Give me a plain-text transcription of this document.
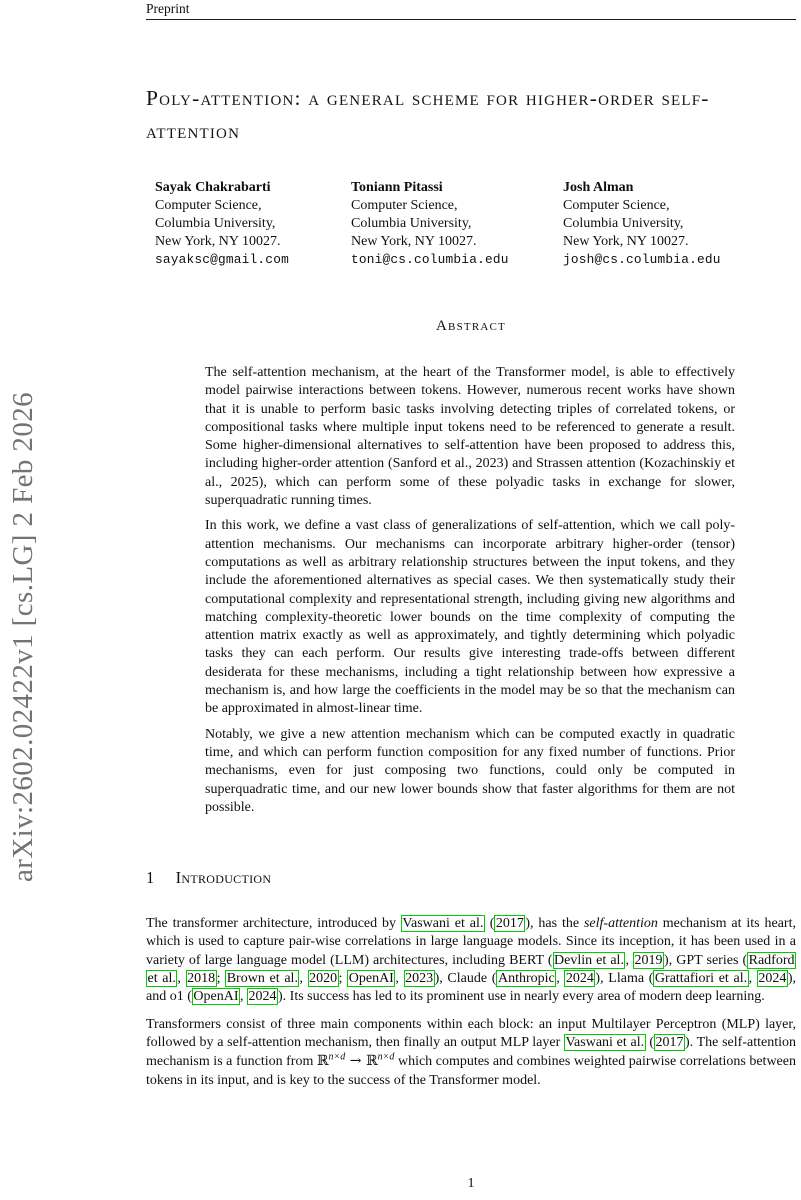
arXiv:2602.02422v1 [cs.LG] 2 Feb 2026
Preprint
Poly-attention: a general scheme for higher-order self-attention
Sayak Chakrabarti
Computer Science,
Columbia University,
New York, NY 10027.
sayaksc@gmail.com
Toniann Pitassi
Computer Science,
Columbia University,
New York, NY 10027.
toni@cs.columbia.edu
Josh Alman
Computer Science,
Columbia University,
New York, NY 10027.
josh@cs.columbia.edu
Abstract

The self-attention mechanism, at the heart of the Transformer model, is able to effectively model pairwise interactions between tokens. However, numerous recent works have shown that it is unable to perform basic tasks involving detecting triples of correlated tokens, or compositional tasks where multiple input tokens need to be referenced to generate a result. Some higher-dimensional alternatives to self-attention have been proposed to address this, including higher-order attention (Sanford et al., 2023) and Strassen attention (Kozachinskiy et al., 2025), which can perform some of these polyadic tasks in exchange for slower, superquadratic running times.

In this work, we define a vast class of generalizations of self-attention, which we call poly-attention mechanisms. Our mechanisms can incorporate arbitrary higher-order (tensor) computations as well as arbitrary relationship structures between the input tokens, and they include the aforementioned alternatives as special cases. We then systematically study their computational complexity and representational strength, including giving new algorithms and matching complexity-theoretic lower bounds on the time complexity of computing the attention matrix exactly as well as approximately, and tightly determining which polyadic tasks they can each perform. Our results give interesting trade-offs between different desiderata for these mechanisms, including a tight relationship between how expressive a mechanism is, and how large the coefficients in the model may be so that the mechanism can be approximated in almost-linear time.

Notably, we give a new attention mechanism which can be computed exactly in quadratic time, and which can perform function composition for any fixed number of functions. Prior mechanisms, even for just composing two functions, could only be computed in superquadratic time, and our new lower bounds show that faster algorithms for them are not possible.

1 Introduction

The transformer architecture, introduced by Vaswani et al. ( 2017 ), has the self-attention mechanism at its heart, which is used to capture pair-wise correlations in large language models. Since its inception, it has been used in a variety of large language model (LLM) architectures, including BERT ( Devlin et al. , 2019 ), GPT series ( Radford et al. , 2018 ; Brown et al. , 2020 ; OpenAI , 2023 ), Claude ( Anthropic , 2024 ), Llama ( Grattafiori et al. , 2024 ), and o1 ( OpenAI , 2024 ). Its success has led to its prominent use in nearly every area of modern deep learning.

Transformers consist of three main components within each block: an input Multilayer Perceptron (MLP) layer, followed by a self-attention mechanism, then finally an output MLP layer Vaswani et al. ( 2017 ). The self-attention mechanism is a function from ℝ$^{n\times d}$ → ℝ$^{n\times d}$ which computes and combines weighted pairwise correlations between tokens in its input, and is key to the success of the Transformer model.

1
